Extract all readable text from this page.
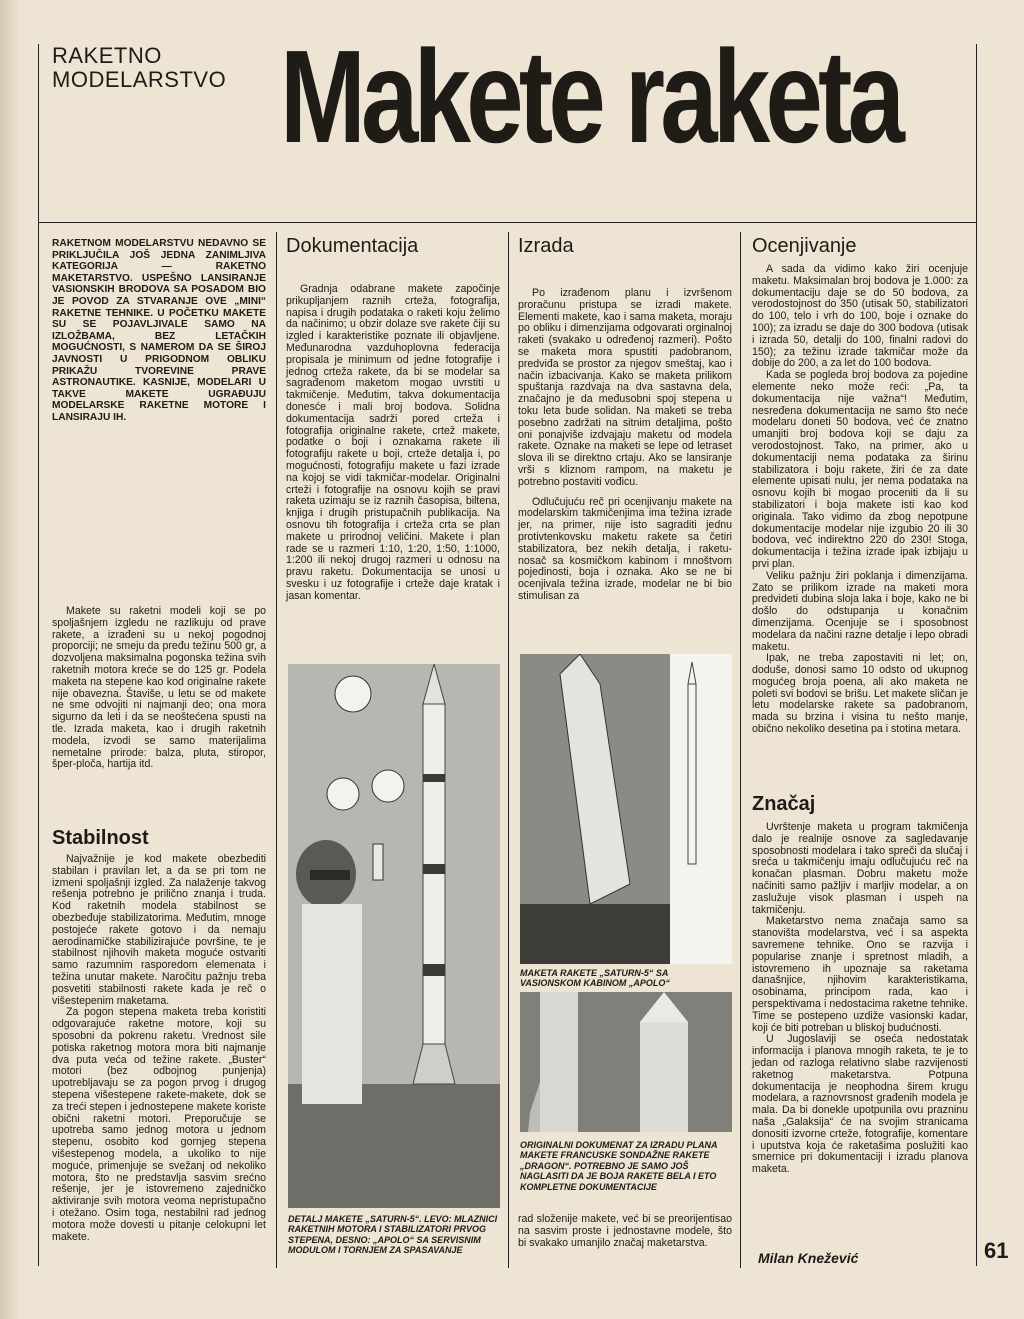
RAKETNO MODELARSTVO Makete raketa
RAKETNOM MODELARSTVU NEDAVNO SE PRIKLJUČILA JOŠ JEDNA ZANIMLJIVA KATEGORIJA — RAKETNO MAKETARSTVO. USPEŠNO LANSIRANJE VASIONSKIH BRODOVA SA POSADOM BIO JE POVOD ZA STVARANJE OVE „MINI“ RAKETNE TEHNIKE. U POČETKU MAKETE SU SE POJAVLJIVALE SAMO NA IZLOŽBAMA, BEZ LETAČKIH MOGUĆNOSTI, S NAMEROM DA SE ŠIROJ JAVNOSTI U PRIGODNOM OBLIKU PRIKAŽU TVOREVINE PRAVE ASTRONAUTIKE. KASNIJE, MODELARI U TAKVE MAKETE UGRAĐUJU MODELARSKE RAKETNE MOTORE I LANSIRAJU IH.

Makete su raketni modeli koji se po spoljašnjem izgledu ne razlikuju od prave rakete, a izrađeni su u nekoj pogodnoj proporciji; ne smeju da pređu težinu 500 gr, a dozvoljena maksimalna pogonska težina svih raketnih motora kreće se do 125 gr. Podela maketa na stepene kao kod originalne rakete nije obavezna. Štaviše, u letu se od makete ne sme odvojiti ni najmanji deo; ona mora sigurno da leti i da se neoštećena spusti na tle. Izrada maketa, kao i drugih raketnih modela, izvodi se samo materijalima nemetalne prirode: balza, pluta, stiropor, šper-ploča, hartija itd.

Stabilnost

Najvažnije je kod makete obezbediti stabilan i pravilan let, a da se pri tom ne izmeni spoljašnji izgled. Za nalaženje takvog rešenja potrebno je prilično znanja i truda. Kod raketnih modela stabilnost se obezbeđuje stabilizatorima. Međutim, mnoge postojeće rakete gotovo i da nemaju aerodinamičke stabilizirajuće površine, te je stabilnost njihovih maketa moguće ostvariti samo razumnim rasporedom elemenata i težina unutar makete. Naročitu pažnju treba posvetiti stabilnosti rakete kada je reč o višestepenim maketama.

Za pogon stepena maketa treba koristiti odgovarajuće raketne motore, koji su sposobni da pokrenu raketu. Vrednost sile potiska raketnog motora mora biti najmanje dva puta veća od težine rakete. „Buster“ motori (bez odbojnog punjenja) upotrebljavaju se za pogon prvog i drugog stepena višestepene rakete-makete, dok se za treći stepen i jednostepene makete koriste obični raketni motori. Preporučuje se upotreba samo jednog motora u jednom stepenu, osobito kod gornjeg stepena višestepenog modela, a ukoliko to nije moguće, primenjuje se svežanj od nekoliko motora, što ne predstavlja sasvim srećno rešenje, jer je istovremeno zajedničko aktiviranje svih motora veoma nepristupačno i otežano. Osim toga, nestabilni rad jednog motora može dovesti u pitanje celokupni let makete.

Dokumentacija

Gradnja odabrane makete započinje prikupljanjem raznih crteža, fotografija, napisa i drugih podataka o raketi koju želimo da načinimo; u obzir dolaze sve rakete čiji su izgled i karakteristike poznate ili objavljene. Međunarodna vazduhoplovna federacija propisala je minimum od jedne fotografije i jednog crteža rakete, da bi se modelar sa sagrađenom maketom mogao uvrstiti u takmičenje. Međutim, takva dokumentacija donesće i mali broj bodova. Solidna dokumentacija sadrži pored crteža i fotografija originalne rakete, crtež makete, podatke o boji i oznakama rakete ili fotografiju rakete u boji, crteže detalja i, po mogućnosti, fotografiju makete u fazi izrade na kojoj se vidi takmičar-modelar. Originalni crteži i fotografije na osnovu kojih se pravi raketa uzimaju se iz raznih časopisa, biltena, knjiga i drugih pristupačnih publikacija. Na osnovu tih fotografija i crteža crta se plan makete u prirodnoj veličini. Makete i plan rade se u razmeri 1:10, 1:20, 1:50, 1:1000, 1:200 ili nekoj drugoj razmeri u odnosu na pravu raketu. Dokumentacija se unosi u svesku i uz fotografije i crteže daje kratak i jasan komentar.

DETALJ MAKETE „SATURN-5“. LEVO: MLAZNICI RAKETNIH MOTORA I STABILIZATORI PRVOG STEPENA, DESNO: „APOLO“ SA SERVISNIM MODULOM I TORNJEM ZA SPASAVANJE
Izrada

Po izrađenom planu i izvršenom proračunu pristupa se izradi makete. Elementi makete, kao i sama maketa, moraju po obliku i dimenzijama odgovarati orginalnoj raketi (svakako u određenoj razmeri). Pošto se maketa mora spustiti padobranom, predviđa se prostor za njegov smeštaj, kao i način izbacivanja. Kako se maketa prilikom spuštanja razdvaja na dva sastavna dela, značajno je da međusobni spoj stepena u toku leta bude solidan. Na maketi se treba posebno zadržati na sitnim detaljima, pošto oni ponajviše izdvajaju maketu od modela rakete. Oznake na maketi se lepe od letraset slova ili se direktno crtaju. Ako se lansiranje vrši s kliznom rampom, na maketu je potrebno postaviti vođicu.

Odlučujuću reč pri ocenjivanju makete na modelarskim takmičenjima ima težina izrade jer, na primer, nije isto sagraditi jednu protivtenkovsku maketu rakete sa četiri stabilizatora, bez nekih detalja, i raketu-nosač sa kosmičkom kabinom i mnoštvom pojedinosti, boja i oznaka. Ako se ne bi ocenjivala težina izrade, modelar ne bi bio stimulisan za

MAKETA RAKETE „SATURN-5“ SA VASIONSKOM KABINOM „APOLO“
ORIGINALNI DOKUMENAT ZA IZRADU PLANA MAKETE FRANCUSKE SONDAŽNE RAKETE „DRAGON“. POTREBNO JE SAMO JOŠ NAGLASITI DA JE BOJA RAKETE BELA I ETO KOMPLETNE DOKUMENTACIJE

rad složenije makete, već bi se preorijentisao na sasvim proste i jednostavne modele, što bi svakako umanjilo značaj maketarstva.

Ocenjivanje

A sada da vidimo kako žiri ocenjuje maketu. Maksimalan broj bodova je 1.000: za dokumentaciju daje se do 50 bodova, za verodostojnost do 350 (utisak 50, stabilizatori do 100, telo i vrh do 100, boje i oznake do 100); za izradu se daje do 300 bodova (utisak i izrada 50, detalji do 100, finalni radovi do 150); za težinu izrade takmičar može da dobije do 200, a za let do 100 bodova.

Kada se pogleda broj bodova za pojedine elemente neko može reći: „Pa, ta dokumentacija nije važna“! Međutim, nesređena dokumentacija ne samo što neće modelaru doneti 50 bodova, već će znatno umanjiti broj bodova koji se daju za verodostojnost. Tako, na primer, ako u dokumentaciji nema podataka za širinu stabilizatora i boju rakete, žiri će za date elemente upisati nulu, jer nema podataka na osnovu kojih bi mogao proceniti da li su stabilizatori i boja makete isti kao kod originala. Tako vidimo da zbog nepotpune dokumentacije modelar nije izgubio 20 ili 30 bodova, već indirektno 220 do 230! Stoga, dokumentacija i težina izrade ipak izbijaju u prvi plan.

Veliku pažnju žiri poklanja i dimenzijama. Zato se prilikom izrade na maketi mora predvideti dubina sloja laka i boje, kako ne bi došlo do odstupanja u konačnim dimenzijama. Ocenjuje se i sposobnost modelara da načini razne detalje i lepo obradi maketu.

Ipak, ne treba zapostaviti ni let; on, doduše, donosi samo 10 odsto od ukupnog mogućeg broja poena, ali ako maketa ne poleti svi bodovi se brišu. Let makete sličan je letu modelarske rakete sa padobranom, mada su brzina i visina tu nešto manje, obično nekoliko desetina pa i stotina metara.

Značaj

Uvrštenje maketa u program takmičenja dalo je realnije osnove za sagledavanje sposobnosti modelara i tako spreči da slučaj i sreća u takmičenju imaju odlučujuću reč na konačan plasman. Dobru maketu može načiniti samo pažljiv i marljiv modelar, a on zaslužuje visok plasman i uspeh na takmičenju.

Maketarstvo nema značaja samo sa stanovišta modelarstva, već i sa aspekta savremene tehnike. Ono se razvija i popularise znanje i spretnost mladih, a istovremeno ih upoznaje sa raketama današnjice, njihovim karakteristikama, osobinama, principom rada, kao i perspektivama i nedostacima raketne tehnike. Time se postepeno uzdiže vasionski kadar, koji će biti potreban u bliskoj budućnosti.

U Jugoslaviji se oseća nedostatak informacija i planova mnogih raketa, te je to jedan od razloga relativno slabe razvijenosti raketnog maketarstva. Potpuna dokumentacija je neophodna širem krugu modelara, a raznovrsnost građenih modela je mala. Da bi donekle upotpunila ovu prazninu naša „Galaksija“ će na svojim stranicama donositi izvorne crteže, fotografije, komentare i uputstva koja će raketašima poslužiti kao smernice pri dokumentaciji i izradu planova maketa.

Milan Knežević	61
